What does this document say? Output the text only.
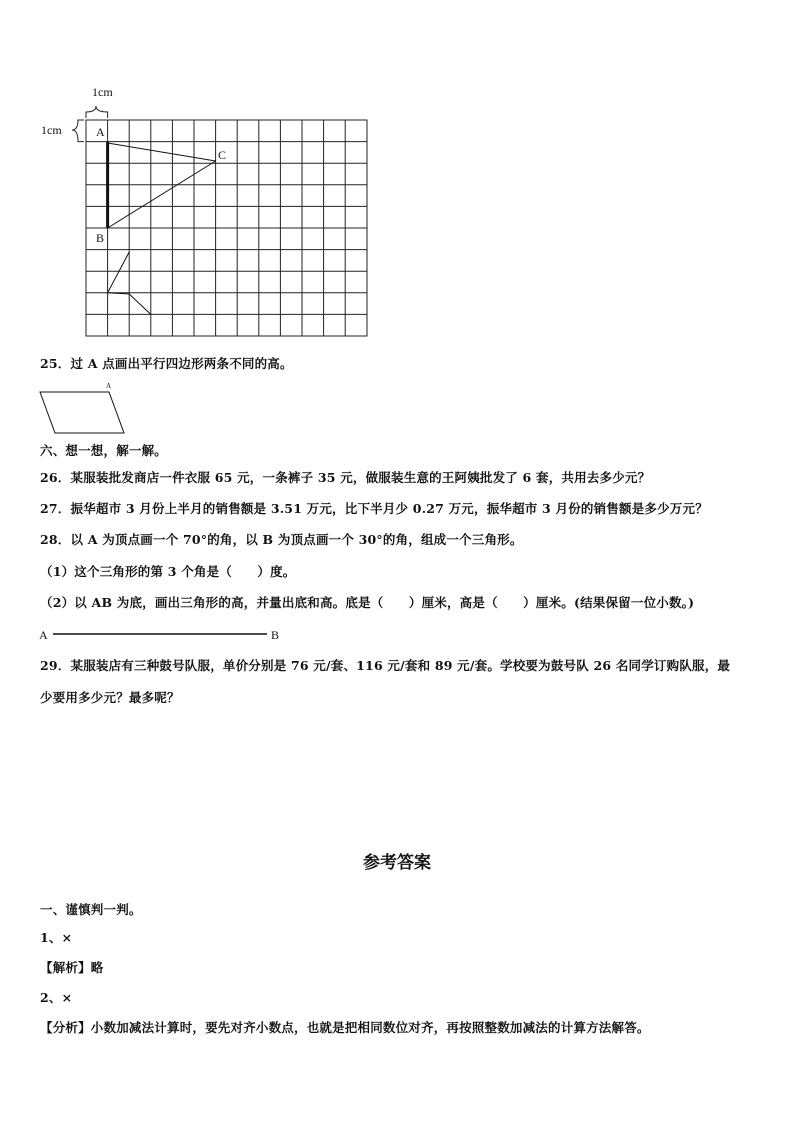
1cm
1cm	A
B
C
25．过 A 点画出平行四边形两条不同的高。
A
六、想一想，解一解。
26．某服装批发商店一件衣服 65 元，一条裤子 35 元，做服装生意的王阿姨批发了 6 套，共用去多少元？
27．振华超市 3 月份上半月的销售额是 3.51 万元，比下半月少 0.27 万元，振华超市 3 月份的销售额是多少万元？
28．以 A 为顶点画一个 70°的角，以 B 为顶点画一个 30°的角，组成一个三角形。
（1）这个三角形的第 3 个角是（　　）度。
（2）以 AB 为底，画出三角形的高，并量出底和高。底是（　　）厘米，高是（　　）厘米。(结果保留一位小数。)
A	B
29．某服装店有三种鼓号队服，单价分别是 76 元/套、116 元/套和 89 元/套。学校要为鼓号队 26 名同学订购队服，最
少要用多少元？最多呢？
参考答案
一、谨慎判一判。
1、×
【解析】略
2、×
【分析】小数加减法计算时，要先对齐小数点，也就是把相同数位对齐，再按照整数加减法的计算方法解答。
